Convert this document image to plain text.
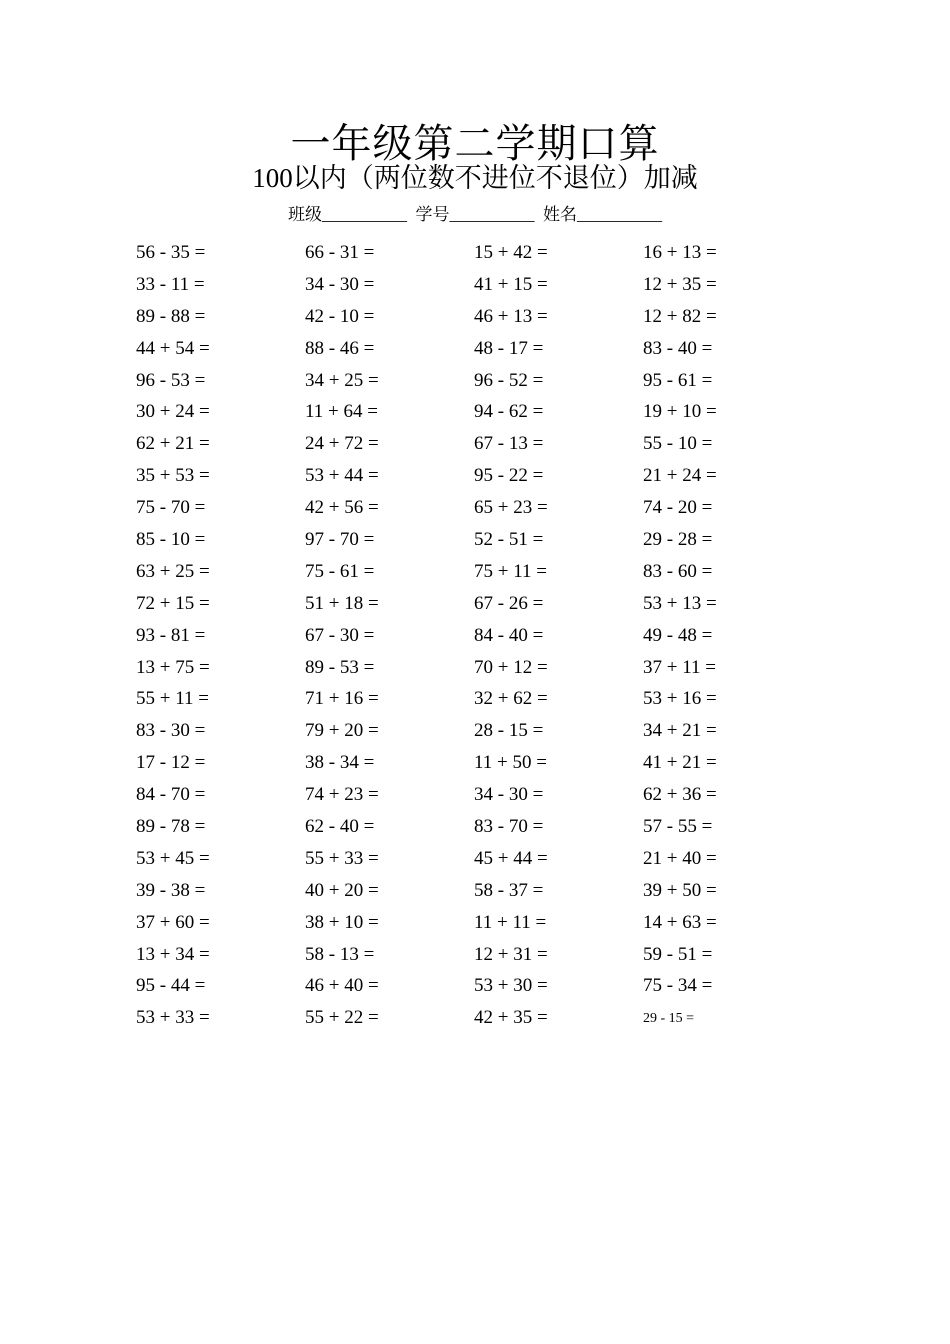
一年级第二学期口算
100以内（两位数不进位不退位）加减
班级__________ 学号__________ 姓名__________
56 - 35 =	66 - 31 =	15 + 42 =	16 + 13 =
33 - 11 =	34 - 30 =	41 + 15 =	12 + 35 =
89 - 88 =	42 - 10 =	46 + 13 =	12 + 82 =
44 + 54 =	88 - 46 =	48 - 17 =	83 - 40 =
96 - 53 =	34 + 25 =	96 - 52 =	95 - 61 =
30 + 24 =	11 + 64 =	94 - 62 =	19 + 10 =
62 + 21 =	24 + 72 =	67 - 13 =	55 - 10 =
35 + 53 =	53 + 44 =	95 - 22 =	21 + 24 =
75 - 70 =	42 + 56 =	65 + 23 =	74 - 20 =
85 - 10 =	97 - 70 =	52 - 51 =	29 - 28 =
63 + 25 =	75 - 61 =	75 + 11 =	83 - 60 =
72 + 15 =	51 + 18 =	67 - 26 =	53 + 13 =
93 - 81 =	67 - 30 =	84 - 40 =	49 - 48 =
13 + 75 =	89 - 53 =	70 + 12 =	37 + 11 =
55 + 11 =	71 + 16 =	32 + 62 =	53 + 16 =
83 - 30 =	79 + 20 =	28 - 15 =	34 + 21 =
17 - 12 =	38 - 34 =	11 + 50 =	41 + 21 =
84 - 70 =	74 + 23 =	34 - 30 =	62 + 36 =
89 - 78 =	62 - 40 =	83 - 70 =	57 - 55 =
53 + 45 =	55 + 33 =	45 + 44 =	21 + 40 =
39 - 38 =	40 + 20 =	58 - 37 =	39 + 50 =
37 + 60 =	38 + 10 =	11 + 11 =	14 + 63 =
13 + 34 =	58 - 13 =	12 + 31 =	59 - 51 =
95 - 44 =	46 + 40 =	53 + 30 =	75 - 34 =
53 + 33 =	55 + 22 =	42 + 35 =	29 - 15 =
